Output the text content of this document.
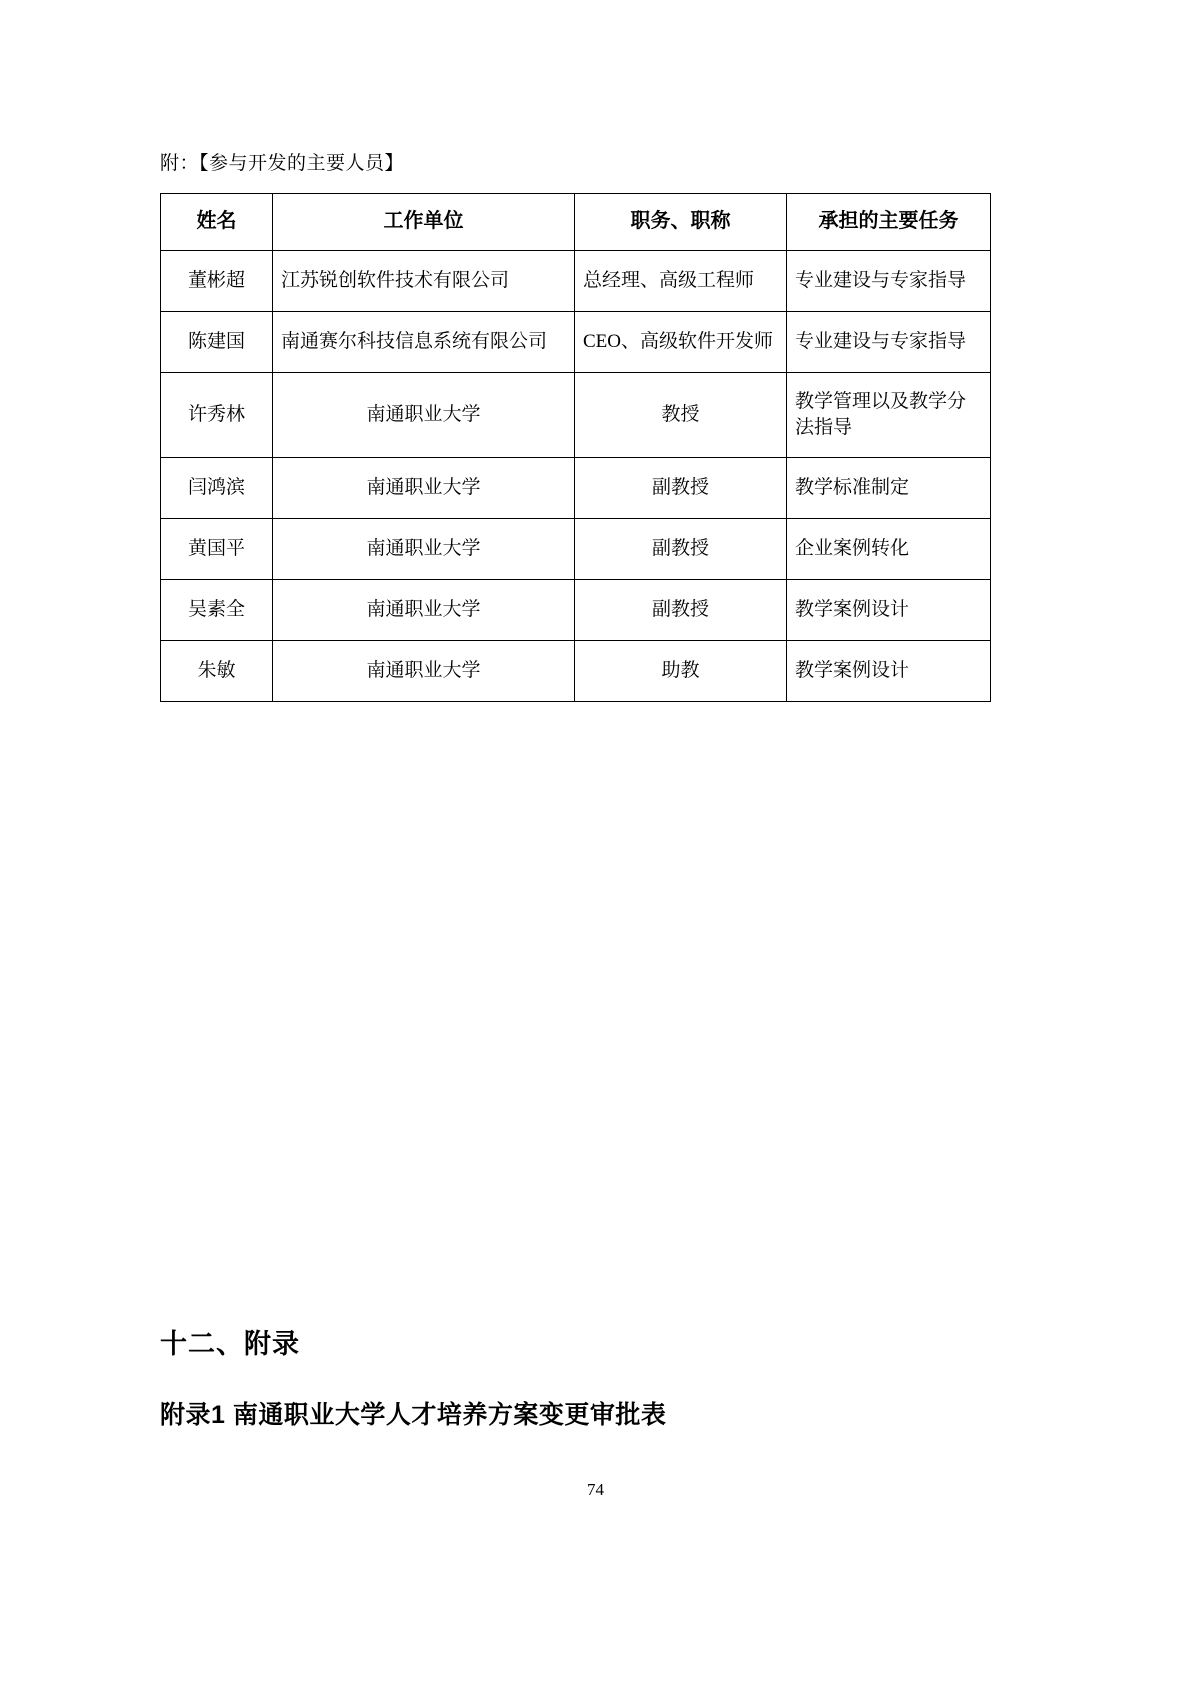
附：【参与开发的主要人员】
姓名	工作单位	职务、职称	承担的主要任务
董彬超	江苏锐创软件技术有限公司	总经理、高级工程师	专业建设与专家指导
陈建国	南通赛尔科技信息系统有限公司	CEO、高级软件开发师	专业建设与专家指导
许秀林	南通职业大学	教授	教学管理以及教学分法指导
闫鸿滨	南通职业大学	副教授	教学标准制定
黄国平	南通职业大学	副教授	企业案例转化
吴素全	南通职业大学	副教授	教学案例设计
朱敏	南通职业大学	助教	教学案例设计
十二、附录
附录1 南通职业大学人才培养方案变更审批表
74
